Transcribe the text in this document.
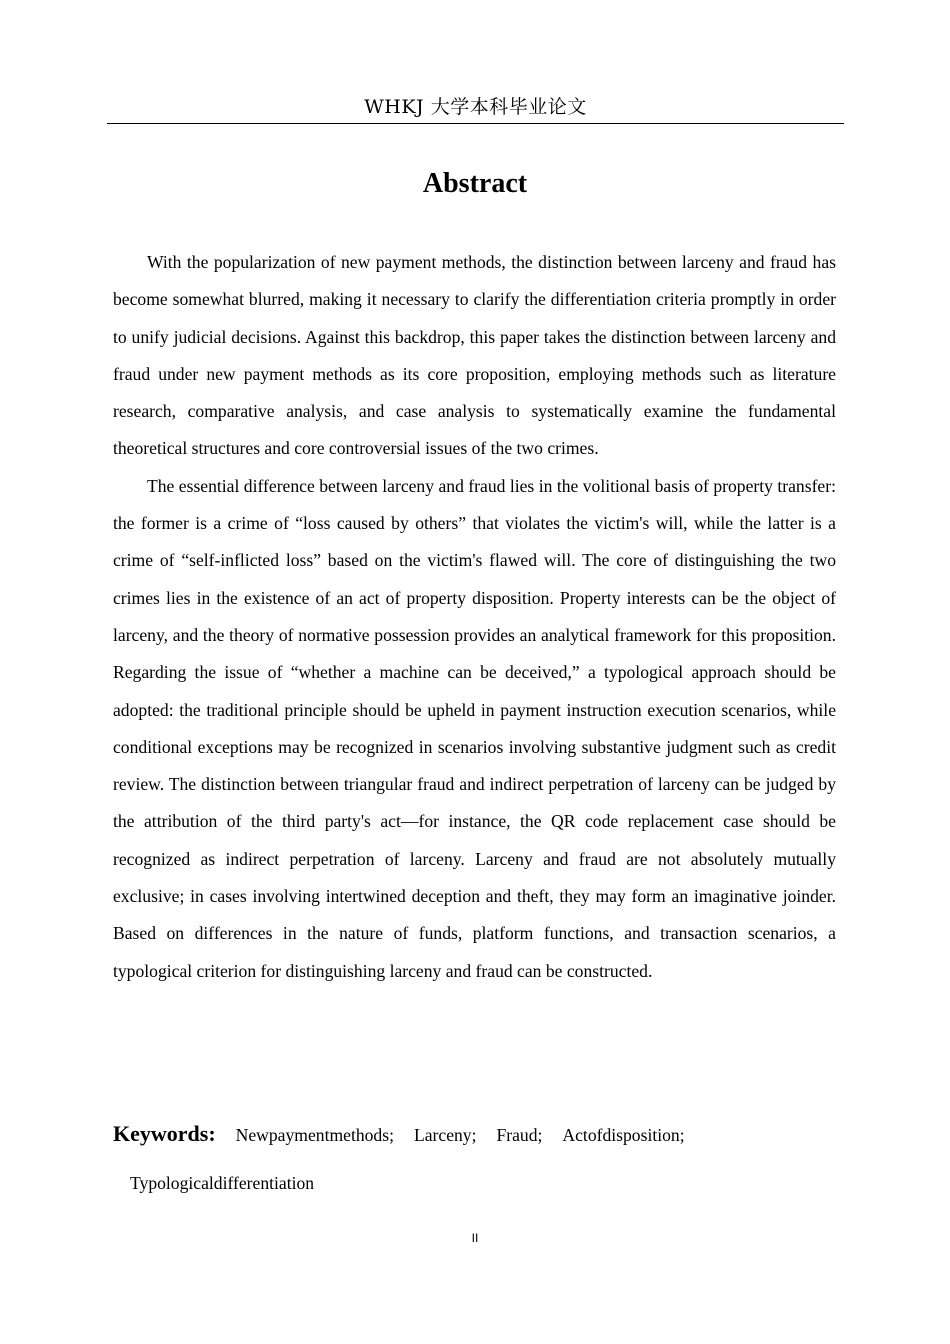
WHKJ 大学本科毕业论文
Abstract

With the popularization of new payment methods, the distinction between larceny and fraud has become somewhat blurred, making it necessary to clarify the differentiation criteria promptly in order to unify judicial decisions. Against this backdrop, this paper takes the distinction between larceny and fraud under new payment methods as its core proposition, employing methods such as literature research, comparative analysis, and case analysis to systematically examine the fundamental theoretical structures and core controversial issues of the two crimes.

The essential difference between larceny and fraud lies in the volitional basis of property transfer: the former is a crime of “loss caused by others” that violates the victim's will, while the latter is a crime of “self-inflicted loss” based on the victim's flawed will. The core of distinguishing the two crimes lies in the existence of an act of property disposition. Property interests can be the object of larceny, and the theory of normative possession provides an analytical framework for this proposition. Regarding the issue of “whether a machine can be deceived,” a typological approach should be adopted: the traditional principle should be upheld in payment instruction execution scenarios, while conditional exceptions may be recognized in scenarios involving substantive judgment such as credit review. The distinction between triangular fraud and indirect perpetration of larceny can be judged by the attribution of the third party's act—for instance, the QR code replacement case should be recognized as indirect perpetration of larceny. Larceny and fraud are not absolutely mutually exclusive; in cases involving intertwined deception and theft, they may form an imaginative joinder. Based on differences in the nature of funds, platform functions, and transaction scenarios, a typological criterion for distinguishing larceny and fraud can be constructed.

Keywords: Newpaymentmethods; Larceny; Fraud; Actofdisposition;
Typologicaldifferentiation
II
